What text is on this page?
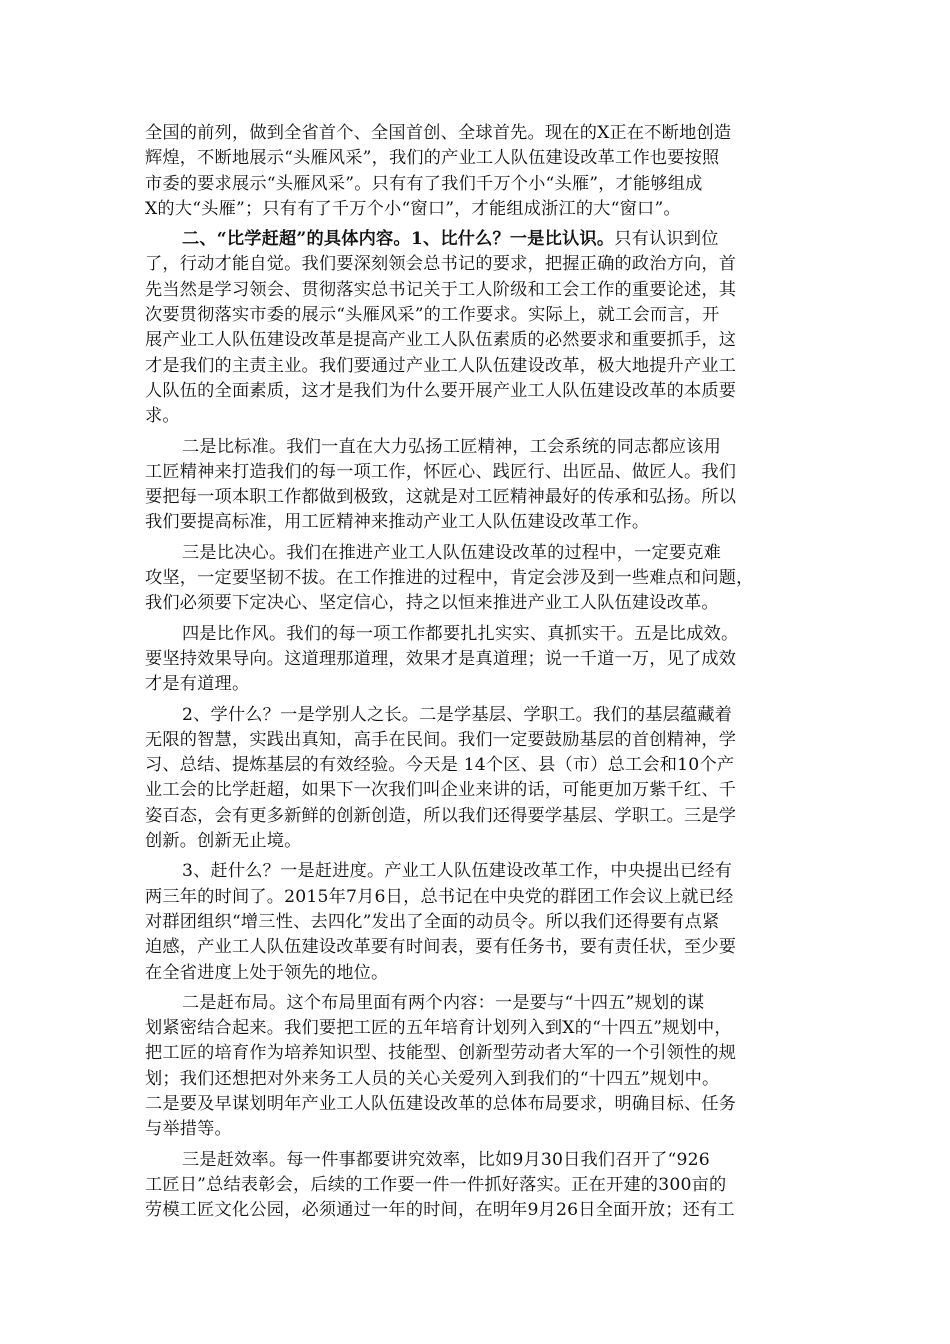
全国的前列，做到全省首个、全国首创、全球首先。现在的X正在不断地创造
辉煌，不断地展示“头雁风采”，我们的产业工人队伍建设改革工作也要按照
市委的要求展示“头雁风采”。只有有了我们千万个小“头雁”，才能够组成
X的大“头雁”；只有有了千万个小“窗口”，才能组成浙江的大“窗口”。
二、“比学赶超”的具体内容。1、比什么？一是比认识。只有认识到位
了，行动才能自觉。我们要深刻领会总书记的要求，把握正确的政治方向，首
先当然是学习领会、贯彻落实总书记关于工人阶级和工会工作的重要论述，其
次要贯彻落实市委的展示“头雁风采”的工作要求。实际上，就工会而言，开
展产业工人队伍建设改革是提高产业工人队伍素质的必然要求和重要抓手，这
才是我们的主责主业。我们要通过产业工人队伍建设改革，极大地提升产业工
人队伍的全面素质，这才是我们为什么要开展产业工人队伍建设改革的本质要
求。
二是比标准。我们一直在大力弘扬工匠精神，工会系统的同志都应该用
工匠精神来打造我们的每一项工作，怀匠心、践匠行、出匠品、做匠人。我们
要把每一项本职工作都做到极致，这就是对工匠精神最好的传承和弘扬。所以
我们要提高标准，用工匠精神来推动产业工人队伍建设改革工作。
三是比决心。我们在推进产业工人队伍建设改革的过程中，一定要克难
攻坚，一定要坚韧不拔。在工作推进的过程中，肯定会涉及到一些难点和问题，
我们必须要下定决心、坚定信心，持之以恒来推进产业工人队伍建设改革。
四是比作风。我们的每一项工作都要扎扎实实、真抓实干。五是比成效。
要坚持效果导向。这道理那道理，效果才是真道理；说一千道一万，见了成效
才是有道理。
2、学什么？一是学别人之长。二是学基层、学职工。我们的基层蕴藏着
无限的智慧，实践出真知，高手在民间。我们一定要鼓励基层的首创精神，学
习、总结、提炼基层的有效经验。今天是 14个区、县（市）总工会和10个产
业工会的比学赶超，如果下一次我们叫企业来讲的话，可能更加万紫千红、千
姿百态，会有更多新鲜的创新创造，所以我们还得要学基层、学职工。三是学
创新。创新无止境。
3、赶什么？一是赶进度。产业工人队伍建设改革工作，中央提出已经有
两三年的时间了。2015年7月6日，总书记在中央党的群团工作会议上就已经
对群团组织“增三性、去四化”发出了全面的动员令。所以我们还得要有点紧
迫感，产业工人队伍建设改革要有时间表，要有任务书，要有责任状，至少要
在全省进度上处于领先的地位。
二是赶布局。这个布局里面有两个内容：一是要与“十四五”规划的谋
划紧密结合起来。我们要把工匠的五年培育计划列入到X的“十四五”规划中，
把工匠的培育作为培养知识型、技能型、创新型劳动者大军的一个引领性的规
划；我们还想把对外来务工人员的关心关爱列入到我们的“十四五”规划中。
二是要及早谋划明年产业工人队伍建设改革的总体布局要求，明确目标、任务
与举措等。
三是赶效率。每一件事都要讲究效率，比如9月30日我们召开了“926
工匠日”总结表彰会，后续的工作要一件一件抓好落实。正在开建的300亩的
劳模工匠文化公园，必须通过一年的时间，在明年9月26日全面开放；还有工
